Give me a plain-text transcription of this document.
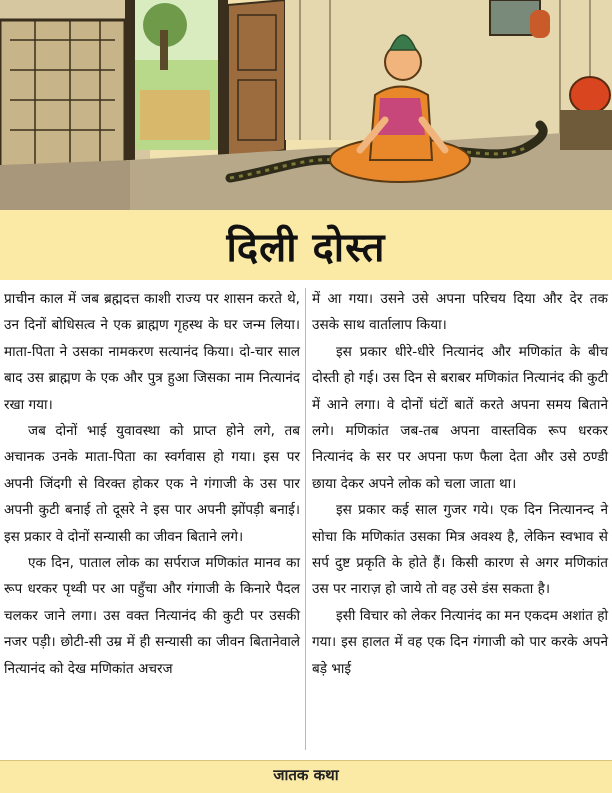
दिली दोस्त

प्राचीन काल में जब ब्रह्मदत्त काशी राज्य पर शासन करते थे, उन दिनों बोधिसत्व ने एक ब्राह्मण गृहस्थ के घर जन्म लिया। माता-पिता ने उसका नामकरण सत्यानंद किया। दो-चार साल बाद उस ब्राह्मण के एक और पुत्र हुआ जिसका नाम नित्यानंद रखा गया।

जब दोनों भाई युवावस्था को प्राप्त होने लगे, तब अचानक उनके माता-पिता का स्वर्गवास हो गया। इस पर अपनी जिंदगी से विरक्त होकर एक ने गंगाजी के उस पार अपनी कुटी बनाई तो दूसरे ने इस पार अपनी झोंपड़ी बनाई। इस प्रकार वे दोनों सन्यासी का जीवन बिताने लगे।

एक दिन, पाताल लोक का सर्पराज मणिकांत मानव का रूप धरकर पृथ्वी पर आ पहुँचा और गंगाजी के किनारे पैदल चलकर जाने लगा। उस वक्त नित्यानंद की कुटी पर उसकी नजर पड़ी। छोटी-सी उम्र में ही सन्यासी का जीवन बितानेवाले नित्यानंद को देख मणिकांत अचरज

में आ गया। उसने उसे अपना परिचय दिया और देर तक उसके साथ वार्तालाप किया।

इस प्रकार धीरे-धीरे नित्यानंद और मणिकांत के बीच दोस्ती हो गई। उस दिन से बराबर मणिकांत नित्यानंद की कुटी में आने लगा। वे दोनों घंटों बातें करते अपना समय बिताने लगे। मणिकांत जब-तब अपना वास्तविक रूप धरकर नित्यानंद के सर पर अपना फण फैला देता और उसे ठण्डी छाया देकर अपने लोक को चला जाता था।

इस प्रकार कई साल गुजर गये। एक दिन नित्यानन्द ने सोचा कि मणिकांत उसका मित्र अवश्य है, लेकिन स्वभाव से सर्प दुष्ट प्रकृति के होते हैं। किसी कारण से अगर मणिकांत उस पर नाराज़ हो जाये तो वह उसे डंस सकता है।

इसी विचार को लेकर नित्यानंद का मन एकदम अशांत हो गया। इस हालत में वह एक दिन गंगाजी को पार करके अपने बड़े भाई

जातक कथा
